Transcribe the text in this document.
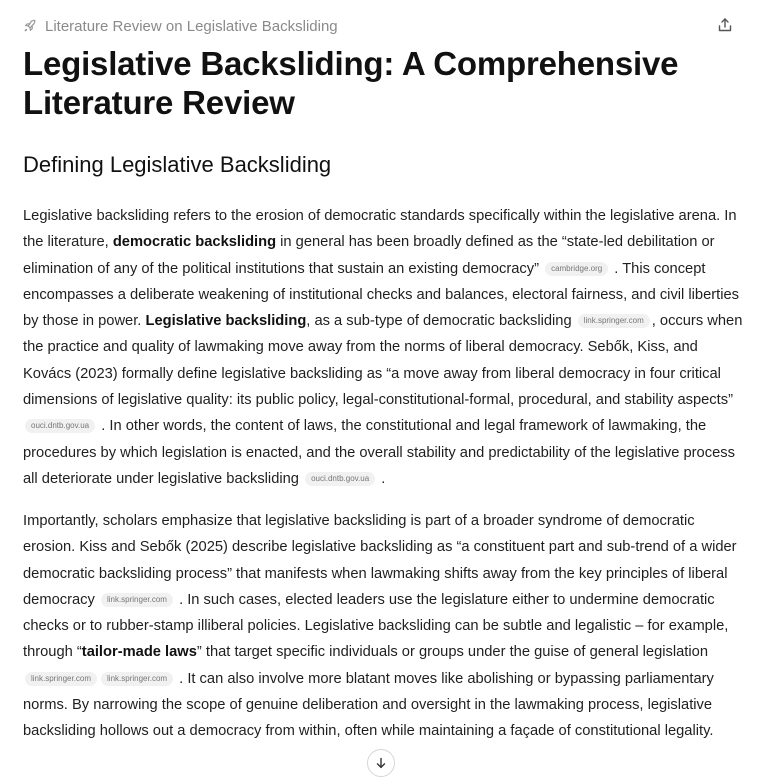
Literature Review on Legislative Backsliding
Legislative Backsliding: A Comprehensive Literature Review
Defining Legislative Backsliding
Legislative backsliding refers to the erosion of democratic standards specifically within the legislative arena. In the literature, democratic backsliding in general has been broadly defined as the “state-led debilitation or elimination of any of the political institutions that sustain an existing democracy” cambridge.org . This concept encompasses a deliberate weakening of institutional checks and balances, electoral fairness, and civil liberties by those in power. Legislative backsliding, as a sub-type of democratic backsliding link.springer.com , occurs when the practice and quality of lawmaking move away from the norms of liberal democracy. Sebők, Kiss, and Kovács (2023) formally define legislative backsliding as “a move away from liberal democracy in four critical dimensions of legislative quality: its public policy, legal-constitutional-formal, procedural, and stability aspects” ouci.dntb.gov.ua . In other words, the content of laws, the constitutional and legal framework of lawmaking, the procedures by which legislation is enacted, and the overall stability and predictability of the legislative process all deteriorate under legislative backsliding ouci.dntb.gov.ua .
Importantly, scholars emphasize that legislative backsliding is part of a broader syndrome of democratic erosion. Kiss and Sebők (2025) describe legislative backsliding as “a constituent part and sub-trend of a wider democratic backsliding process” that manifests when lawmaking shifts away from the key principles of liberal democracy link.springer.com . In such cases, elected leaders use the legislature either to undermine democratic checks or to rubber-stamp illiberal policies. Legislative backsliding can be subtle and legalistic – for example, through “tailor-made laws” that target specific individuals or groups under the guise of general legislation link.springer.com link.springer.com . It can also involve more blatant moves like abolishing or bypassing parliamentary norms. By narrowing the scope of genuine deliberation and oversight in the lawmaking process, legislative backsliding hollows out a democracy from within, often while maintaining a façade of constitutional legality.
